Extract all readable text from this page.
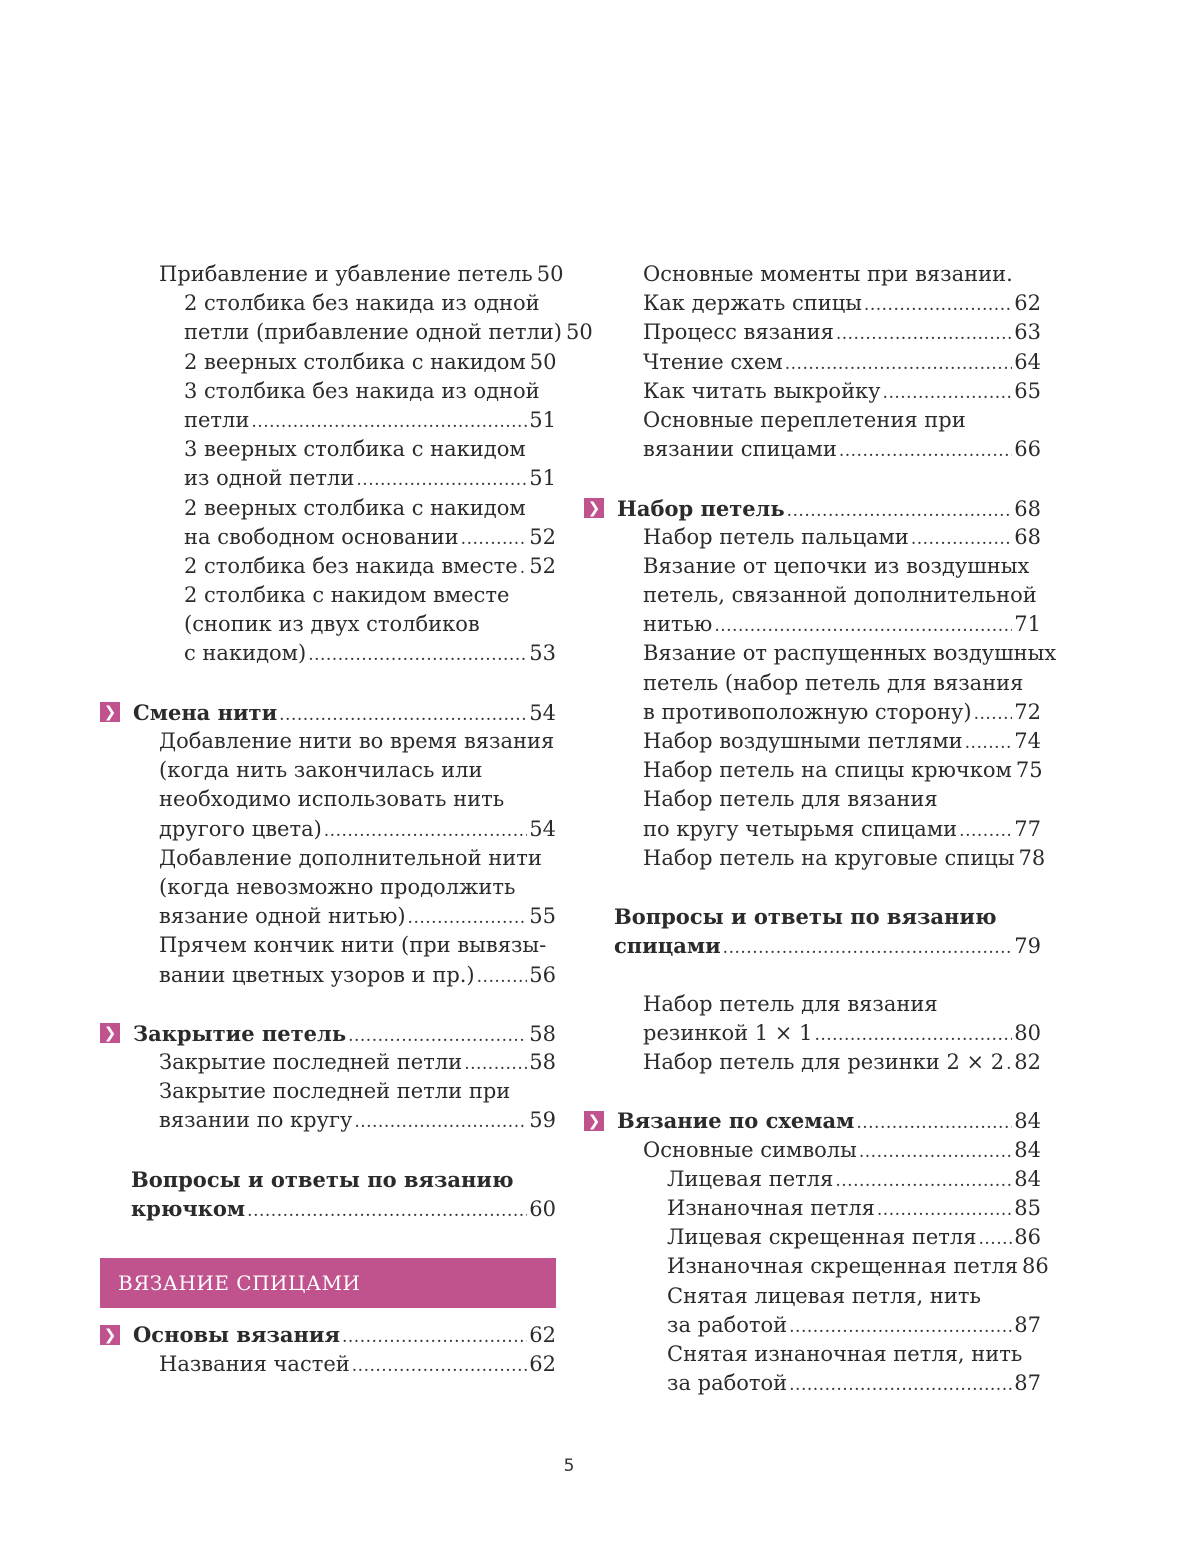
Прибавление и убавление петель 50
2 столбика без накида из одной
петли (прибавление одной петли) 50
2 веерных столбика с накидом 50
3 столбика без накида из одной
петли .....	51
3 веерных столбика с накидом
из одной петли .....	51
2 веерных столбика с накидом
на свободном основании .....	52
2 столбика без накида вместе ..... 52
2 столбика с накидом вместе
(снопик из двух столбиков
с накидом) .....	53
❯ Смена нити .....	54
Добавление нити во время вязания
(когда нить закончилась или
необходимо использовать нить
другого цвета) .....	54
Добавление дополнительной нити
(когда невозможно продолжить
вязание одной нитью) .....	55
Прячем кончик нити (при вывязы-
вании цветных узоров и пр.) .....	56
❯ Закрытие петель .....	58
Закрытие последней петли .....	58
Закрытие последней петли при
вязании по кругу .....	59
Вопросы и ответы по вязанию
крючком .....	60
ВЯЗАНИЕ СПИЦАМИ
❯ Основы вязания .....	62
Названия частей .....	62
Основные моменты при вязании.
Как держать спицы .....	62
Процесс вязания .....	63
Чтение схем .....	64
Как читать выкройку .....	65
Основные переплетения при
вязании спицами .....	66
❯ Набор петель .....	68
Набор петель пальцами .....	68
Вязание от цепочки из воздушных
петель, связанной дополнительной
нитью .....	71
Вязание от распущенных воздушных
петель (набор петель для вязания
в противоположную сторону) ..... 72
Набор воздушными петлями ..... 74
Набор петель на спицы крючком 75
Набор петель для вязания
по кругу четырьмя спицами .....	77
Набор петель на круговые спицы 78
Вопросы и ответы по вязанию
спицами .....	79
Набор петель для вязания
резинкой 1 × 1 .....	80
Набор петель для резинки 2 × 2 ..... 82
❯ Вязание по схемам .....	84
Основные символы .....	84
Лицевая петля .....	84
Изнаночная петля .....	85
Лицевая скрещенная петля ..... 86
Изнаночная скрещенная петля 86
Снятая лицевая петля, нить
за работой .....	87
Снятая изнаночная петля, нить
за работой .....	87
5
